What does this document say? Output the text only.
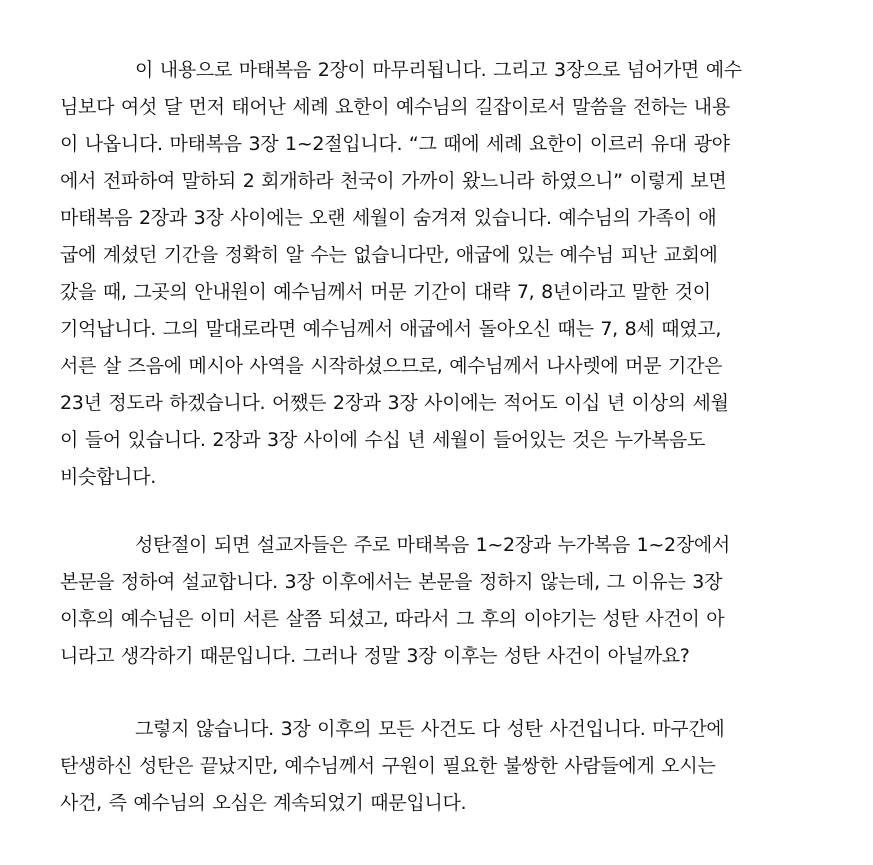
이 내용으로 마태복음 2장이 마무리됩니다. 그리고 3장으로 넘어가면 예수
님보다 여섯 달 먼저 태어난 세례 요한이 예수님의 길잡이로서 말씀을 전하는 내용
이 나옵니다. 마태복음 3장 1~2절입니다. “그 때에 세례 요한이 이르러 유대 광야
에서 전파하여 말하되 2 회개하라 천국이 가까이 왔느니라 하였으니” 이렇게 보면
마태복음 2장과 3장 사이에는 오랜 세월이 숨겨져 있습니다. 예수님의 가족이 애
굽에 계셨던 기간을 정확히 알 수는 없습니다만, 애굽에 있는 예수님 피난 교회에
갔을 때, 그곳의 안내원이 예수님께서 머문 기간이 대략 7, 8년이라고 말한 것이
기억납니다. 그의 말대로라면 예수님께서 애굽에서 돌아오신 때는 7, 8세 때였고,
서른 살 즈음에 메시아 사역을 시작하셨으므로, 예수님께서 나사렛에 머문 기간은
23년 정도라 하겠습니다. 어쨌든 2장과 3장 사이에는 적어도 이십 년 이상의 세월
이 들어 있습니다. 2장과 3장 사이에 수십 년 세월이 들어있는 것은 누가복음도
비슷합니다.
성탄절이 되면 설교자들은 주로 마태복음 1~2장과 누가복음 1~2장에서
본문을 정하여 설교합니다. 3장 이후에서는 본문을 정하지 않는데, 그 이유는 3장
이후의 예수님은 이미 서른 살쯤 되셨고, 따라서 그 후의 이야기는 성탄 사건이 아
니라고 생각하기 때문입니다. 그러나 정말 3장 이후는 성탄 사건이 아닐까요?
그렇지 않습니다. 3장 이후의 모든 사건도 다 성탄 사건입니다. 마구간에
탄생하신 성탄은 끝났지만, 예수님께서 구원이 필요한 불쌍한 사람들에게 오시는
사건, 즉 예수님의 오심은 계속되었기 때문입니다.
